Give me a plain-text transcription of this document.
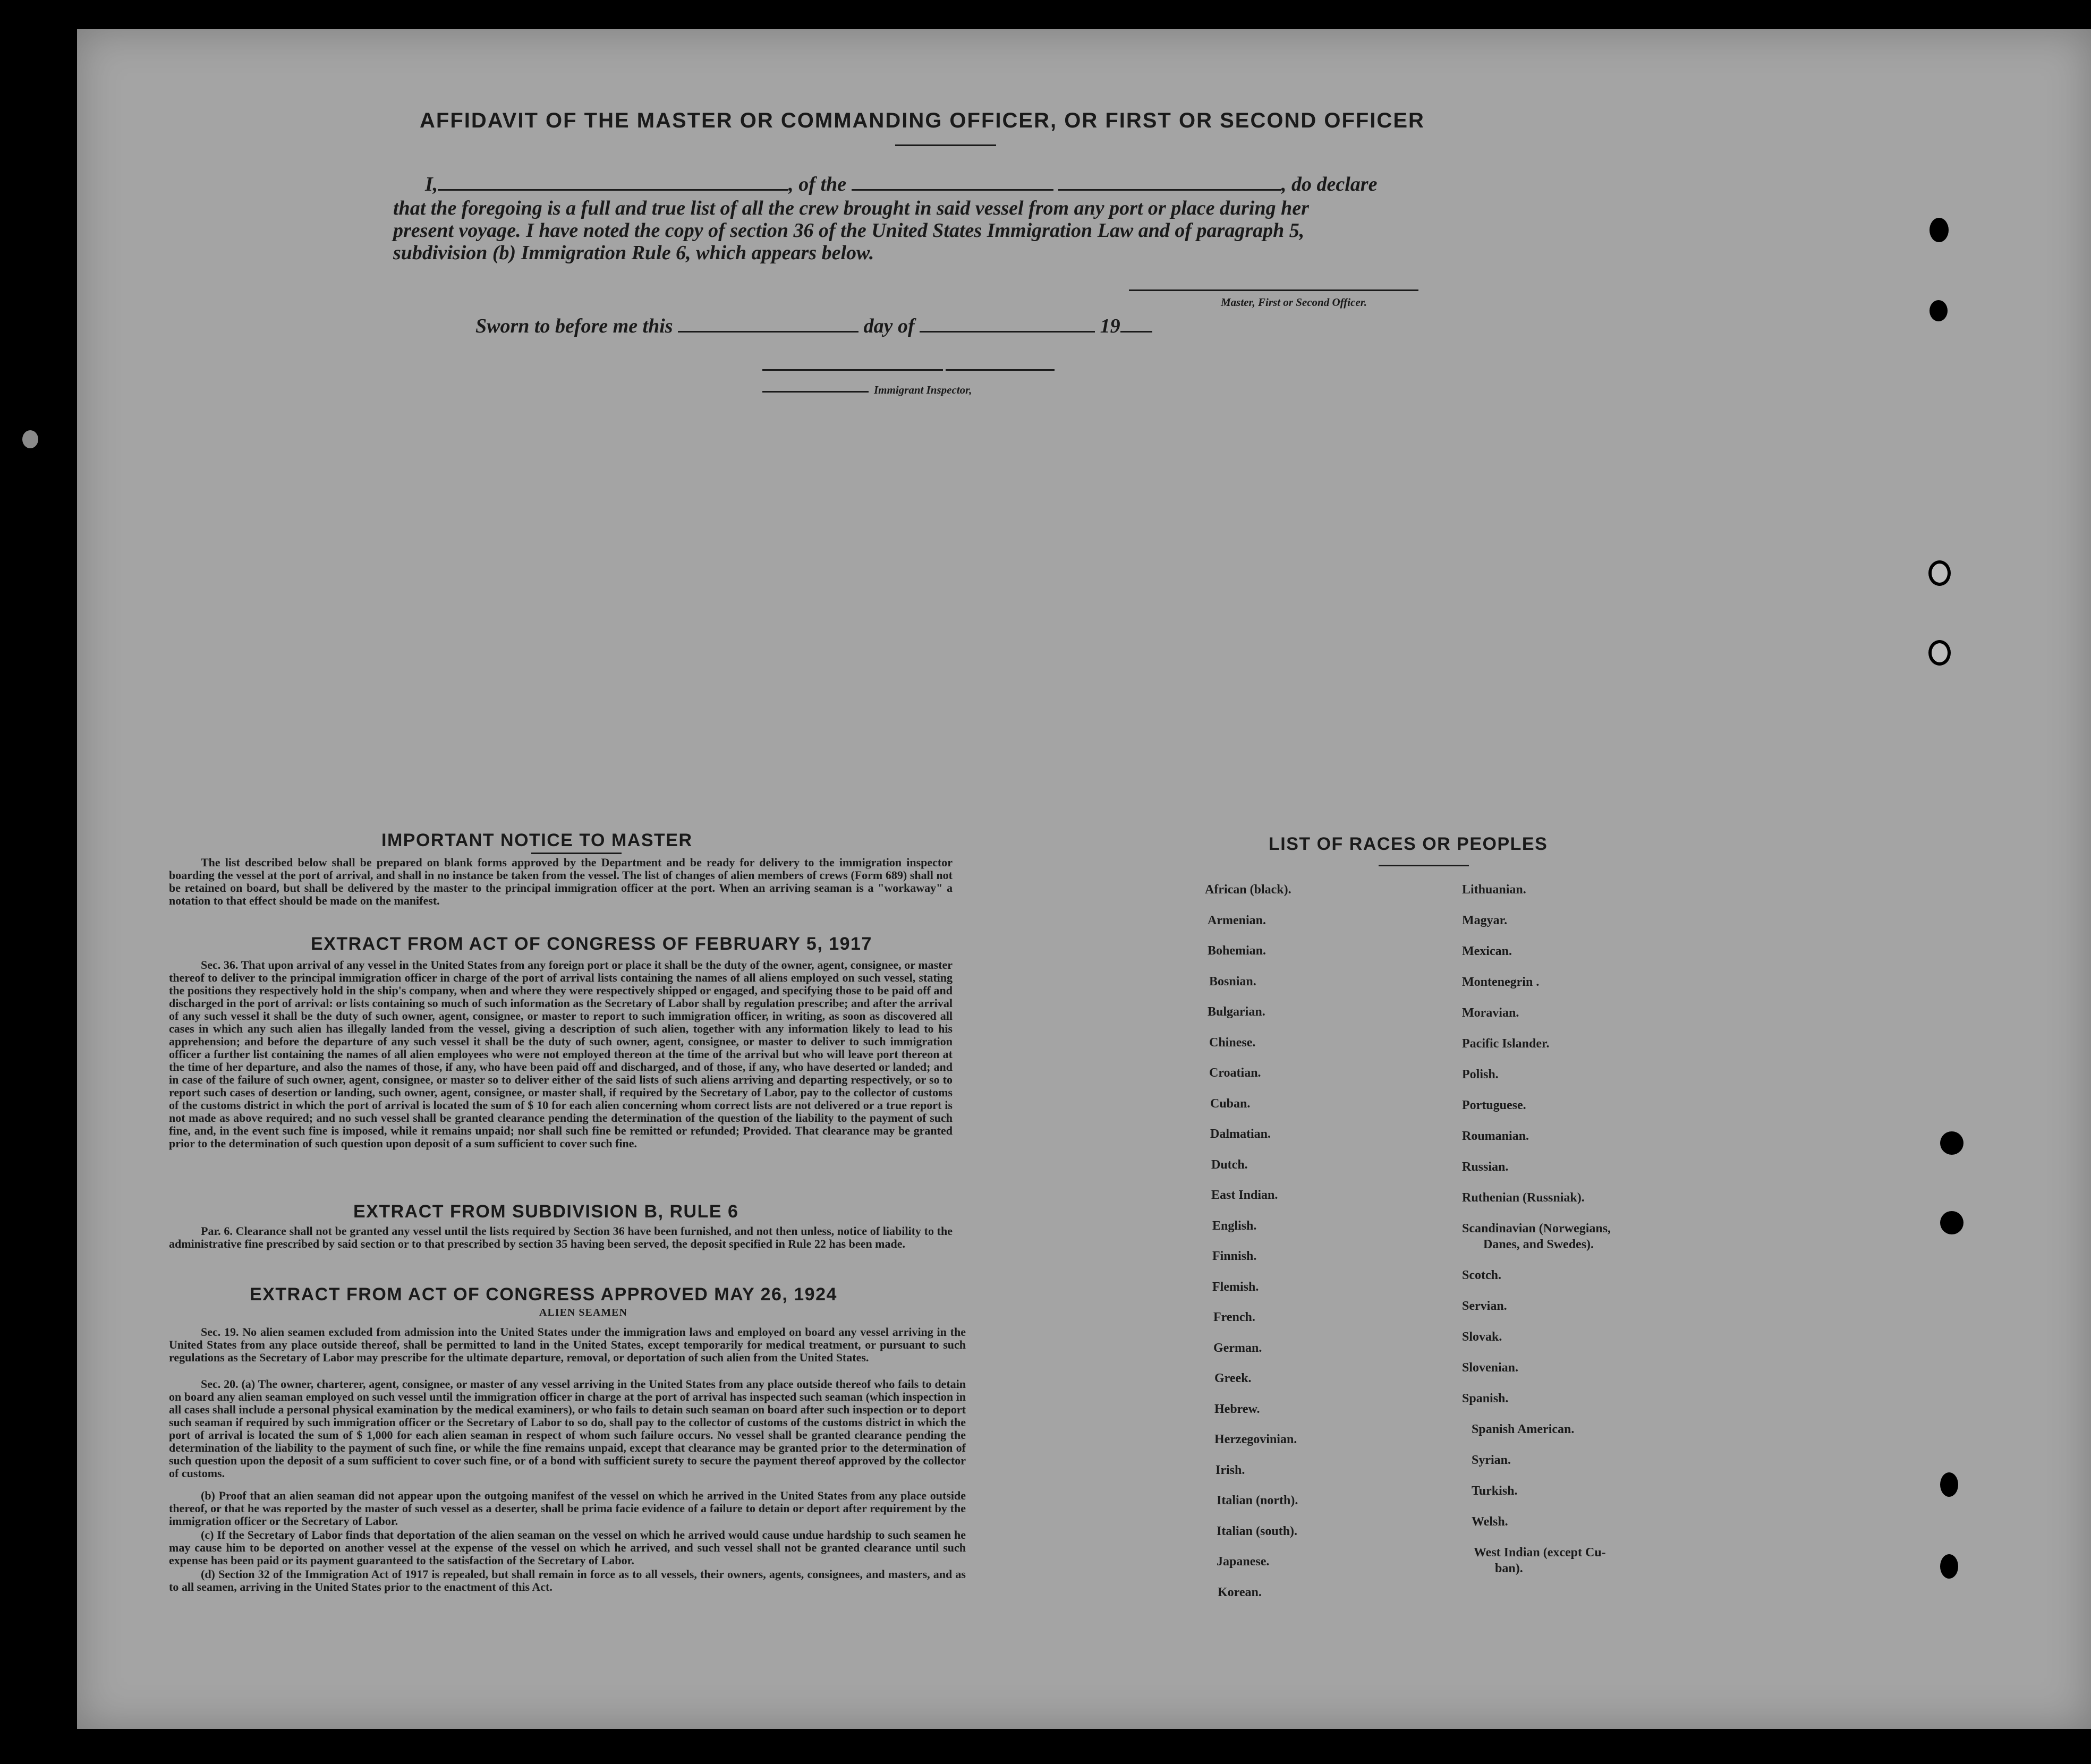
AFFIDAVIT OF THE MASTER OR COMMANDING OFFICER, OR FIRST OR SECOND OFFICER
I,	, of the	, do declare
that the foregoing is a full and true list of all the crew brought in said vessel from any port or place during her
present voyage. I have noted the copy of section 36 of the United States Immigration Law and of paragraph 5,
subdivision (b) Immigration Rule 6, which appears below.
Master, First or Second Officer.
Sworn to before me this	day of	19
Immigrant Inspector,
IMPORTANT NOTICE TO MASTER
The list described below shall be prepared on blank forms approved by the Department and be ready for delivery to the immigration inspector boarding the vessel at the port of arrival, and shall in no instance be taken from the vessel. The list of changes of alien members of crews (Form 689) shall not be retained on board, but shall be delivered by the master to the principal immigration officer at the port. When an arriving seaman is a "workaway" a notation to that effect should be made on the manifest.
EXTRACT FROM ACT OF CONGRESS OF FEBRUARY 5, 1917
Sec. 36. That upon arrival of any vessel in the United States from any foreign port or place it shall be the duty of the owner, agent, consignee, or master thereof to deliver to the principal immigration officer in charge of the port of arrival lists containing the names of all aliens employed on such vessel, stating the positions they respectively hold in the ship's company, when and where they were respectively shipped or engaged, and specifying those to be paid off and discharged in the port of arrival: or lists containing so much of such information as the Secretary of Labor shall by regulation prescribe; and after the arrival of any such vessel it shall be the duty of such owner, agent, consignee, or master to report to such immigration officer, in writing, as soon as discovered all cases in which any such alien has illegally landed from the vessel, giving a description of such alien, together with any information likely to lead to his apprehension; and before the departure of any such vessel it shall be the duty of such owner, agent, consignee, or master to deliver to such immigration officer a further list containing the names of all alien employees who were not employed thereon at the time of the arrival but who will leave port thereon at the time of her departure, and also the names of those, if any, who have been paid off and discharged, and of those, if any, who have deserted or landed; and in case of the failure of such owner, agent, consignee, or master so to deliver either of the said lists of such aliens arriving and departing respectively, or so to report such cases of desertion or landing, such owner, agent, consignee, or master shall, if required by the Secretary of Labor, pay to the collector of customs of the customs district in which the port of arrival is located the sum of $ 10 for each alien concerning whom correct lists are not delivered or a true report is not made as above required; and no such vessel shall be granted clearance pending the determination of the question of the liability to the payment of such fine, and, in the event such fine is imposed, while it remains unpaid; nor shall such fine be remitted or refunded; Provided. That clearance may be granted prior to the determination of such question upon deposit of a sum sufficient to cover such fine.
EXTRACT FROM SUBDIVISION B, RULE 6
Par. 6. Clearance shall not be granted any vessel until the lists required by Section 36 have been furnished, and not then unless, notice of liability to the administrative fine prescribed by said section or to that prescribed by section 35 having been served, the deposit specified in Rule 22 has been made.
EXTRACT FROM ACT OF CONGRESS APPROVED MAY 26, 1924
ALIEN SEAMEN
Sec. 19. No alien seamen excluded from admission into the United States under the immigration laws and employed on board any vessel arriving in the United States from any place outside thereof, shall be permitted to land in the United States, except temporarily for medical treatment, or pursuant to such regulations as the Secretary of Labor may prescribe for the ultimate departure, removal, or deportation of such alien from the United States.
Sec. 20. (a) The owner, charterer, agent, consignee, or master of any vessel arriving in the United States from any place outside thereof who fails to detain on board any alien seaman employed on such vessel until the immigration officer in charge at the port of arrival has inspected such seaman (which inspection in all cases shall include a personal physical examination by the medical examiners), or who fails to detain such seaman on board after such inspection or to deport such seaman if required by such immigration officer or the Secretary of Labor to so do, shall pay to the collector of customs of the customs district in which the port of arrival is located the sum of $ 1,000 for each alien seaman in respect of whom such failure occurs. No vessel shall be granted clearance pending the determination of the liability to the payment of such fine, or while the fine remains unpaid, except that clearance may be granted prior to the determination of such question upon the deposit of a sum sufficient to cover such fine, or of a bond with sufficient surety to secure the payment thereof approved by the collector of customs.
(b) Proof that an alien seaman did not appear upon the outgoing manifest of the vessel on which he arrived in the United States from any place outside thereof, or that he was reported by the master of such vessel as a deserter, shall be prima facie evidence of a failure to detain or deport after requirement by the immigration officer or the Secretary of Labor.
(c) If the Secretary of Labor finds that deportation of the alien seaman on the vessel on which he arrived would cause undue hardship to such seamen he may cause him to be deported on another vessel at the expense of the vessel on which he arrived, and such vessel shall not be granted clearance until such expense has been paid or its payment guaranteed to the satisfaction of the Secretary of Labor.
(d) Section 32 of the Immigration Act of 1917 is repealed, but shall remain in force as to all vessels, their owners, agents, consignees, and masters, and as to all seamen, arriving in the United States prior to the enactment of this Act.
LIST OF RACES OR PEOPLES
African (black).
Armenian.
Bohemian.
Bosnian.
Bulgarian.
Chinese.
Croatian.
Cuban.
Dalmatian.
Dutch.
East Indian.
English.
Finnish.
Flemish.
French.
German.
Greek.
Hebrew.
Herzegovinian.
Irish.
Italian (north).
Italian (south).
Japanese.
Korean.
Lithuanian.
Magyar.
Mexican.
Montenegrin .
Moravian.
Pacific Islander.
Polish.
Portuguese.
Roumanian.
Russian.
Ruthenian (Russniak).
Scandinavian (Norwegians,
Danes, and Swedes).
Scotch.
Servian.
Slovak.
Slovenian.
Spanish.
Spanish American.
Syrian.
Turkish.
Welsh.
West Indian (except Cu-
ban).
